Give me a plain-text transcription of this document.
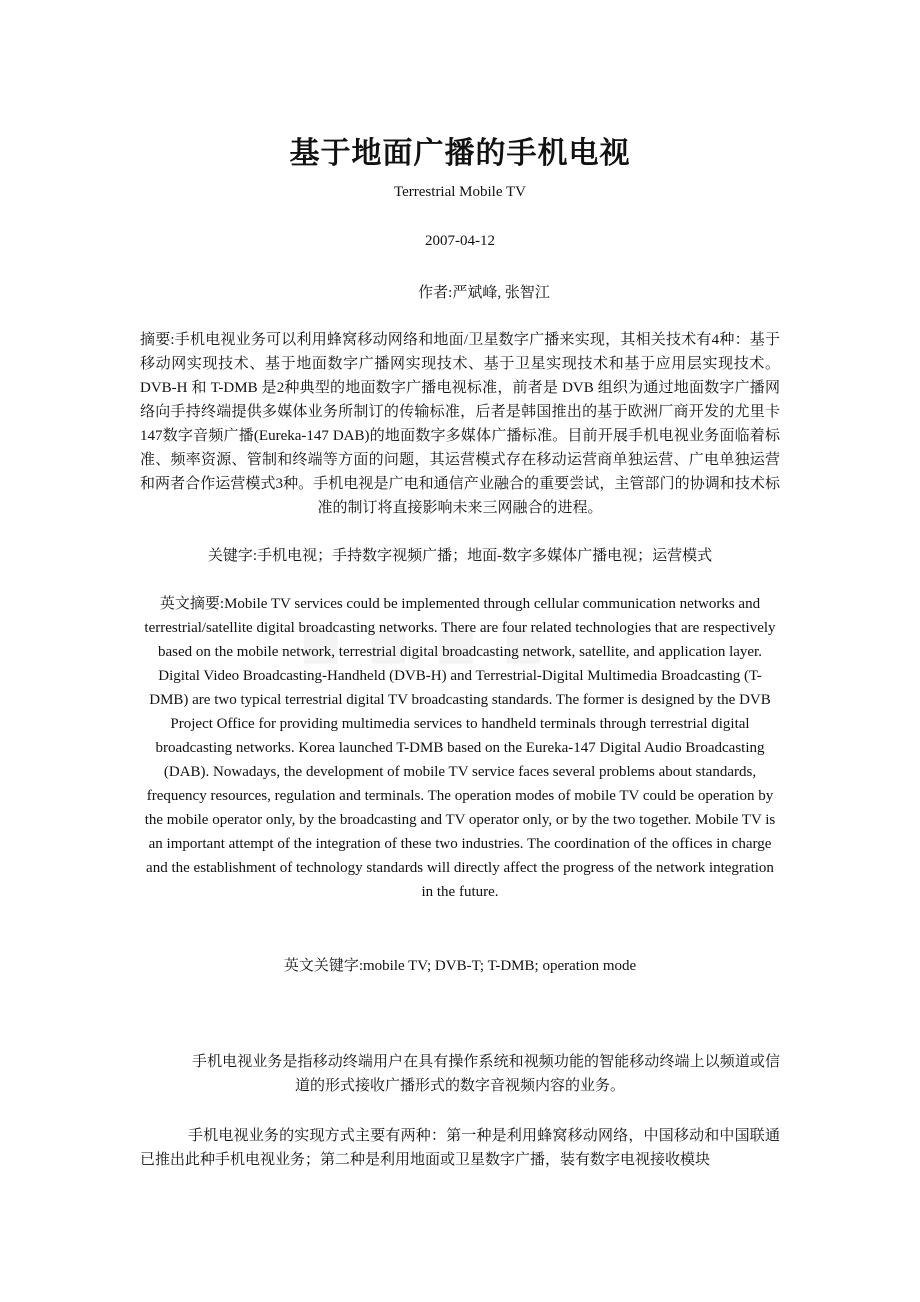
基于地面广播的手机电视
Terrestrial Mobile TV
2007-04-12
作者:严斌峰, 张智江
摘要:手机电视业务可以利用蜂窝移动网络和地面/卫星数字广播来实现，其相关技术有4种：基于移动网实现技术、基于地面数字广播网实现技术、基于卫星实现技术和基于应用层实现技术。DVB-H 和 T-DMB 是2种典型的地面数字广播电视标准，前者是 DVB 组织为通过地面数字广播网络向手持终端提供多媒体业务所制订的传输标准，后者是韩国推出的基于欧洲厂商开发的尤里卡147数字音频广播(Eureka-147 DAB)的地面数字多媒体广播标准。目前开展手机电视业务面临着标准、频率资源、管制和终端等方面的问题，其运营模式存在移动运营商单独运营、广电单独运营和两者合作运营模式3种。手机电视是广电和通信产业融合的重要尝试，主管部门的协调和技术标准的制订将直接影响未来三网融合的进程。
关键字:手机电视；手持数字视频广播；地面-数字多媒体广播电视；运营模式
英文摘要:Mobile TV services could be implemented through cellular communication networks and terrestrial/satellite digital broadcasting networks. There are four related technologies that are respectively based on the mobile network, terrestrial digital broadcasting network, satellite, and application layer. Digital Video Broadcasting-Handheld (DVB-H) and Terrestrial-Digital Multimedia Broadcasting (T-DMB) are two typical terrestrial digital TV broadcasting standards. The former is designed by the DVB Project Office for providing multimedia services to handheld terminals through terrestrial digital broadcasting networks. Korea launched T-DMB based on the Eureka-147 Digital Audio Broadcasting (DAB). Nowadays, the development of mobile TV service faces several problems about standards, frequency resources, regulation and terminals. The operation modes of mobile TV could be operation by the mobile operator only, by the broadcasting and TV operator only, or by the two together. Mobile TV is an important attempt of the integration of these two industries. The coordination of the offices in charge and the establishment of technology standards will directly affect the progress of the network integration in the future.
英文关键字:mobile TV; DVB-T; T-DMB; operation mode
手机电视业务是指移动终端用户在具有操作系统和视频功能的智能移动终端上以频道或信道的形式接收广播形式的数字音视频内容的业务。
手机电视业务的实现方式主要有两种：第一种是利用蜂窝移动网络，中国移动和中国联通已推出此种手机电视业务；第二种是利用地面或卫星数字广播，装有数字电视接收模块
